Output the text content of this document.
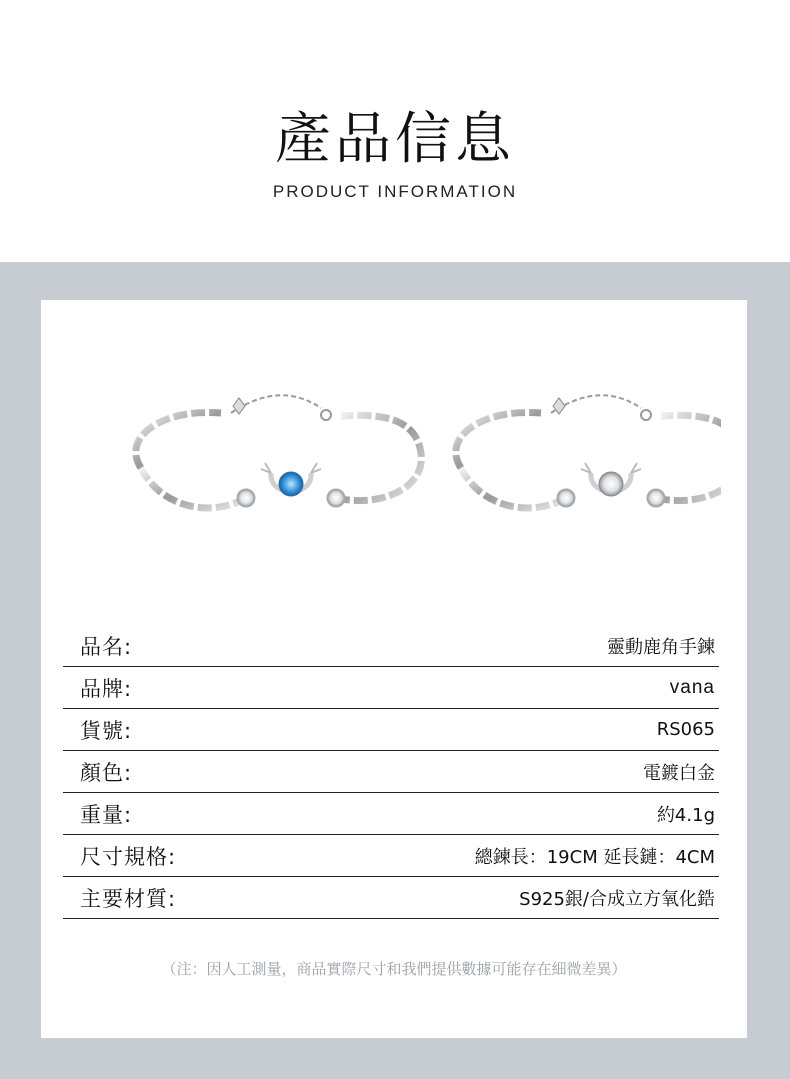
產品信息
PRODUCT INFORMATION
品名:	靈動鹿角手鍊
品牌:	vana
貨號:	RS065
顏色:	電鍍白金
重量:	約4.1g
尺寸規格:	總鍊長：19CM 延長鏈：4CM
主要材質:	S925銀/合成立方氧化鋯
（注：因人工測量，商品實際尺寸和我們提供數據可能存在細微差異）
